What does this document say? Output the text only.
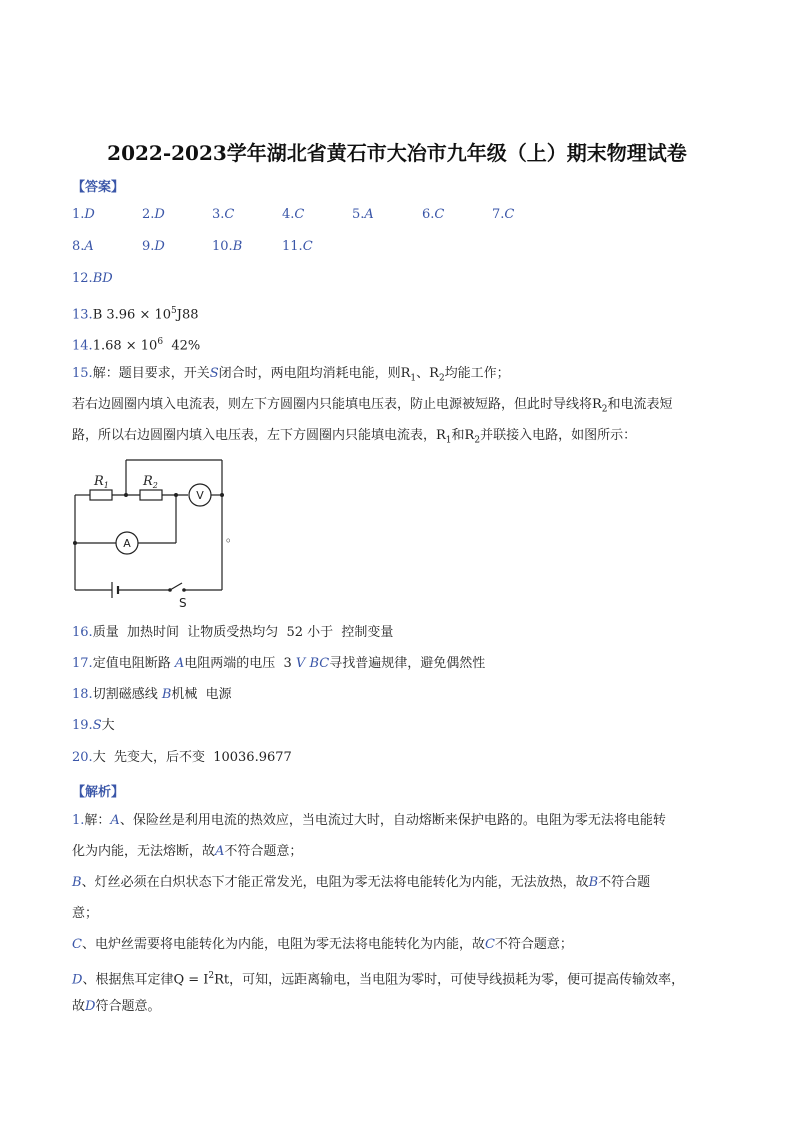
2022-2023学年湖北省黄石市大冶市九年级（上）期末物理试卷
【答案】
1.D	2.D	3.C	4.C	5.A	6.C	7.C
8.A	9.D	10.B	11.C
12.BD
13.B $3.96 \times 10^5J88$
$14.1.68 \times 10^6$  42%
15.解：题目要求，开关S闭合时，两电阻均消耗电能，则$R_1$、$R_2$均能工作；
若右边圆圈内填入电流表，则左下方圆圈内只能填电压表，防止电源被短路，但此时导线将$R_2$和电流表短
路，所以右边圆圈内填入电压表，左下方圆圈内只能填电流表，$R_1$和$R_2$并联接入电路，如图所示：
$R_1$	$R_2$
V
A
S
。
16.质量  加热时间  让物质受热均匀  52 小于  控制变量
17.定值电阻断路 A电阻两端的电压  3 V BC寻找普遍规律，避免偶然性
18.切割磁感线 B机械  电源
19.S大
20.大  先变大，后不变  10036.9677
【解析】
1.解：A、保险丝是利用电流的热效应，当电流过大时，自动熔断来保护电路的。电阻为零无法将电能转
化为内能，无法熔断，故A不符合题意；
B、灯丝必须在白炽状态下才能正常发光，电阻为零无法将电能转化为内能，无法放热，故B不符合题
意；
C、电炉丝需要将电能转化为内能，电阻为零无法将电能转化为内能，故C不符合题意；
D、根据焦耳定律$Q = I^2Rt$，可知，远距离输电，当电阻为零时，可使导线损耗为零，便可提高传输效率，
故D符合题意。
